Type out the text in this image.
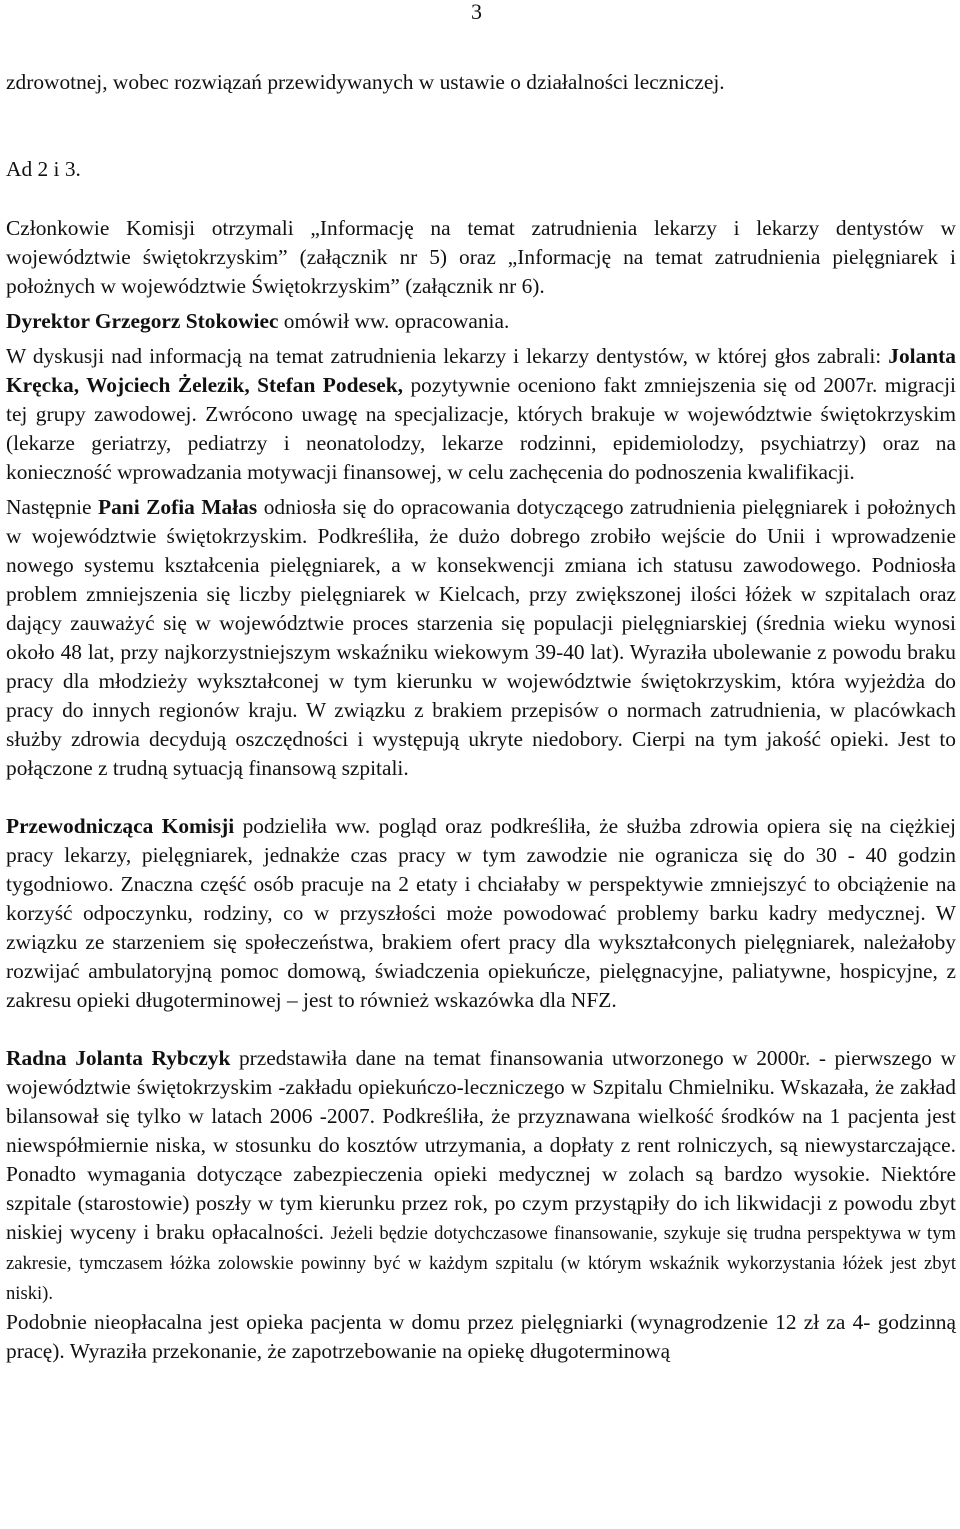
3

zdrowotnej, wobec rozwiązań przewidywanych w ustawie o działalności leczniczej.

Ad 2 i 3.

Członkowie Komisji otrzymali „Informację na temat zatrudnienia lekarzy i lekarzy dentystów w województwie świętokrzyskim” (załącznik nr 5) oraz „Informację na temat zatrudnienia pielęgniarek i położnych w województwie Świętokrzyskim” (załącznik nr 6).

Dyrektor Grzegorz Stokowiec omówił ww. opracowania.

W dyskusji nad informacją na temat zatrudnienia lekarzy i lekarzy dentystów, w której głos zabrali: Jolanta Kręcka, Wojciech Żelezik, Stefan Podesek, pozytywnie oceniono fakt zmniejszenia się od 2007r. migracji tej grupy zawodowej. Zwrócono uwagę na specjalizacje, których brakuje w województwie świętokrzyskim (lekarze geriatrzy, pediatrzy i neonatolodzy, lekarze rodzinni, epidemiolodzy, psychiatrzy) oraz na konieczność wprowadzania motywacji finansowej, w celu zachęcenia do podnoszenia kwalifikacji.

Następnie Pani Zofia Małas odniosła się do opracowania dotyczącego zatrudnienia pielęgniarek i położnych w województwie świętokrzyskim. Podkreśliła, że dużo dobrego zrobiło wejście do Unii i wprowadzenie nowego systemu kształcenia pielęgniarek, a w konsekwencji zmiana ich statusu zawodowego. Podniosła problem zmniejszenia się liczby pielęgniarek w Kielcach, przy zwiększonej ilości łóżek w szpitalach oraz dający zauważyć się w województwie proces starzenia się populacji pielęgniarskiej (średnia wieku wynosi około 48 lat, przy najkorzystniejszym wskaźniku wiekowym 39-40 lat). Wyraziła ubolewanie z powodu braku pracy dla młodzieży wykształconej w tym kierunku w województwie świętokrzyskim, która wyjeżdża do pracy do innych regionów kraju. W związku z brakiem przepisów o normach zatrudnienia, w placówkach służby zdrowia decydują oszczędności i występują ukryte niedobory. Cierpi na tym jakość opieki. Jest to połączone z trudną sytuacją finansową szpitali.

Przewodnicząca Komisji podzieliła ww. pogląd oraz podkreśliła, że służba zdrowia opiera się na ciężkiej pracy lekarzy, pielęgniarek, jednakże czas pracy w tym zawodzie nie ogranicza się do 30 - 40 godzin tygodniowo. Znaczna część osób pracuje na 2 etaty i chciałaby w perspektywie zmniejszyć to obciążenie na korzyść odpoczynku, rodziny, co w przyszłości może powodować problemy barku kadry medycznej. W związku ze starzeniem się społeczeństwa, brakiem ofert pracy dla wykształconych pielęgniarek, należałoby rozwijać ambulatoryjną pomoc domową, świadczenia opiekuńcze, pielęgnacyjne, paliatywne, hospicyjne, z zakresu opieki długoterminowej – jest to również wskazówka dla NFZ.

Radna Jolanta Rybczyk przedstawiła dane na temat finansowania utworzonego w 2000r. - pierwszego w województwie świętokrzyskim -zakładu opiekuńczo-leczniczego w Szpitalu Chmielniku. Wskazała, że zakład bilansował się tylko w latach 2006 -2007. Podkreśliła, że przyznawana wielkość środków na 1 pacjenta jest niewspółmiernie niska, w stosunku do kosztów utrzymania, a dopłaty z rent rolniczych, są niewystarczające. Ponadto wymagania dotyczące zabezpieczenia opieki medycznej w zolach są bardzo wysokie. Niektóre szpitale (starostowie) poszły w tym kierunku przez rok, po czym przystąpiły do ich likwidacji z powodu zbyt niskiej wyceny i braku opłacalności. Jeżeli będzie dotychczasowe finansowanie, szykuje się trudna perspektywa w tym zakresie, tymczasem łóżka zolowskie powinny być w każdym szpitalu (w którym wskaźnik wykorzystania łóżek jest zbyt niski).

Podobnie nieopłacalna jest opieka pacjenta w domu przez pielęgniarki (wynagrodzenie 12 zł za 4- godzinną pracę). Wyraziła przekonanie, że zapotrzebowanie na opiekę długoterminową
